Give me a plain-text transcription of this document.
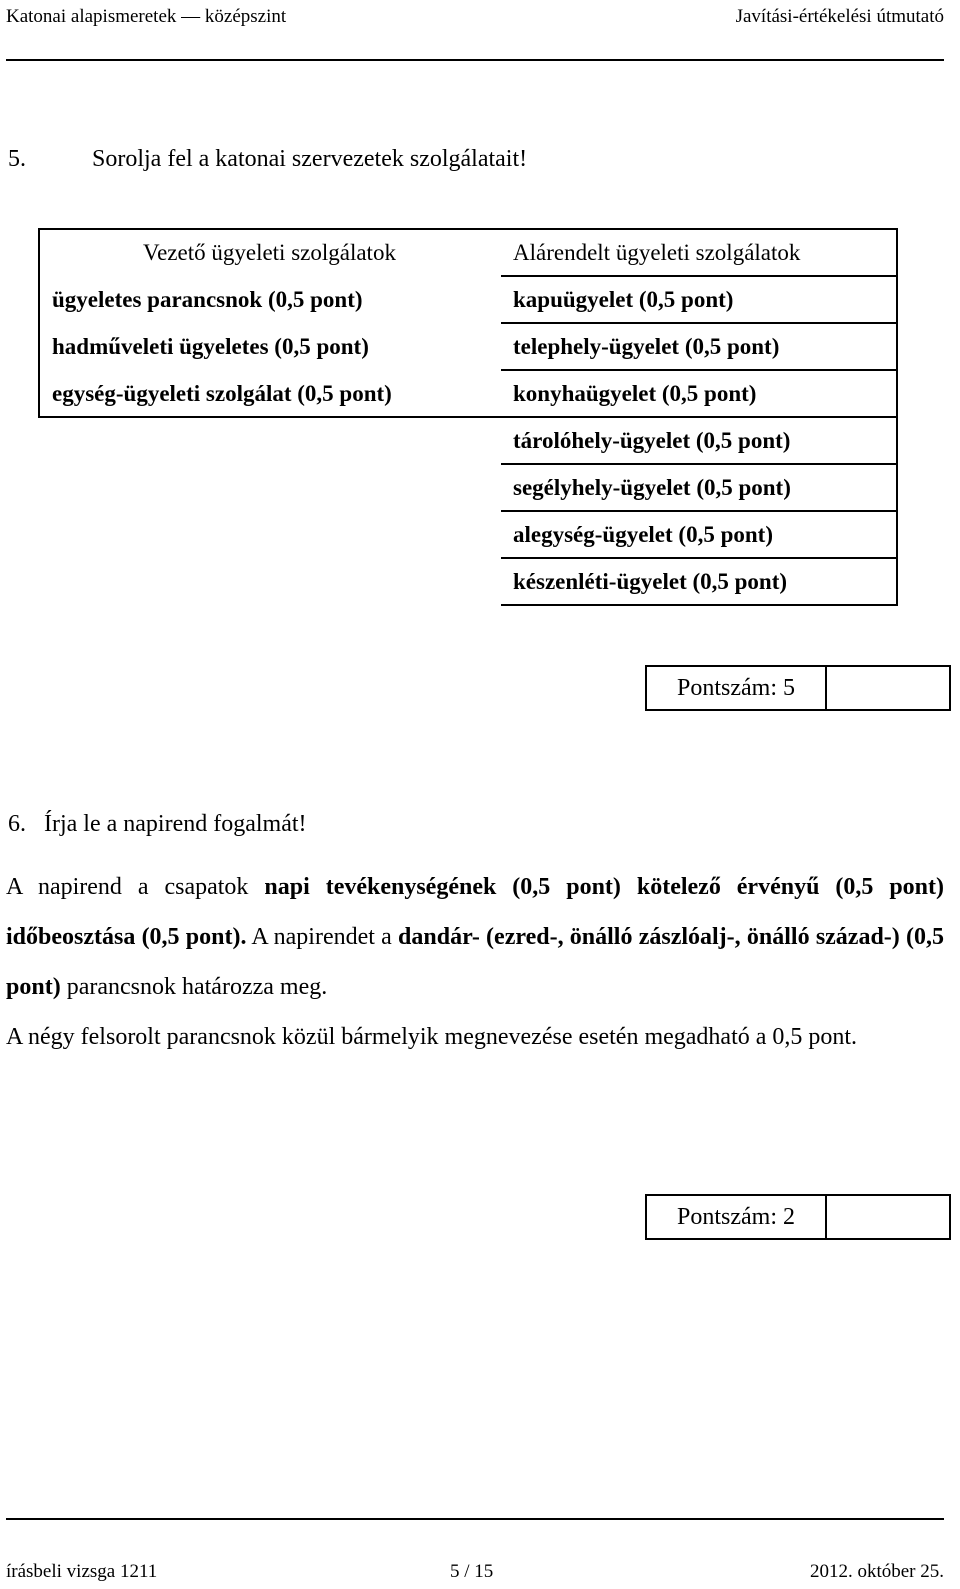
Katonai alapismeretek — középszint	Javítási-értékelési útmutató
5.	Sorolja fel a katonai szervezetek szolgálatait!
Vezető ügyeleti szolgálatok	Alárendelt ügyeleti szolgálatok
ügyeletes parancsnok (0,5 pont)	kapuügyelet (0,5 pont)
hadműveleti ügyeletes (0,5 pont)	telephely-ügyelet (0,5 pont)
egység-ügyeleti szolgálat (0,5 pont)	konyhaügyelet (0,5 pont)
	tárolóhely-ügyelet (0,5 pont)
	segélyhely-ügyelet (0,5 pont)
	alegység-ügyelet (0,5 pont)
	készenléti-ügyelet (0,5 pont)
Pontszám: 5
6. Írja le a napirend fogalmát!

A napirend a csapatok napi tevékenységének (0,5 pont) kötelező érvényű (0,5 pont) időbeosztása (0,5 pont). A napirendet a dandár- (ezred-, önálló zászlóalj-, önálló század-) (0,5 pont) parancsnok határozza meg.

A négy felsorolt parancsnok közül bármelyik megnevezése esetén megadható a 0,5 pont.

Pontszám: 2
írásbeli vizsga 1211	5 / 15	2012. október 25.
